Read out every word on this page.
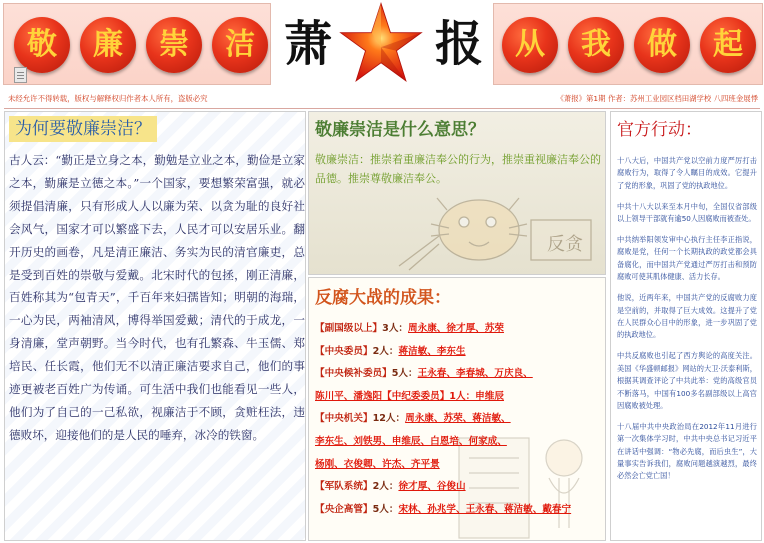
敬	廉	崇	洁 萧 报	从	我	做	起
未经允许不得转载，版权与解释权归作者本人所有，盗版必究	《萧报》第1期 作者：苏州工业园区档田湖学校 八四班金展悸
为何要敬廉崇洁？

古人云：“勤正是立身之本，勤勉是立业之本，勤俭是立家之本，勤廉是立德之本。”一个国家，要想繁荣富强，就必须提倡清廉，只有形成人人以廉为荣、以贪为耻的良好社会风气，国家才可以繁盛下去，人民才可以安居乐业。翻开历史的画卷，凡是清正廉洁、务实为民的清官廉吏，总是受到百姓的崇敬与爱戴。北宋时代的包拯，刚正清廉，百姓称其为“包青天”，千百年来妇孺皆知；明朝的海瑞，一心为民，两袖清风，博得举国爱戴；清代的于成龙，一身清廉，堂声朝野。当今时代，也有孔繁森、牛玉儒、郑培民、任长霞，他们无不以清正廉洁要求自己，他们的事迹更被老百姓广为传诵。可生活中我们也能看见一些人，他们为了自己的一己私欲，视廉洁于不顾，贪赃枉法，违德败坏，迎接他们的是人民的唾弃，冰冷的铁窗。

反贪
敬廉崇洁是什么意思？
敬廉崇洁：推崇着重廉洁奉公的行为，推崇重视廉洁奉公的品德。推崇尊敬廉洁奉公。
反腐大战的成果：
【副国级以上】3人：周永康、徐才厚、苏荣
【中央委员】2人：蒋洁敏、李东生
【中央候补委员】5人：王永春、李春城、万庆良、
陈川平、潘逸阳【中纪委委员】1人：申维辰
【中央机关】12人：周永康、苏荣、蒋洁敏、
李东生、刘铁男、申维辰、白恩培、何家成、
杨刚、衣俊卿、许杰、齐平景
【军队系统】2人：徐才厚、谷俊山
【央企高管】5人：宋林、孙兆学、王永春、蒋洁敏、戴春宁
官方行动：

十八大后，中国共产党以空前力度严厉打击腐败行为，取得了令人瞩目的成效。它提升了党的形象，巩固了党的执政地位。

中共十八大以来至本月中旬，全国仅省部级以上领导干部就有逾50人因腐败而被查处。

中共纳举阳领发审中心执行主任李正指说，腐败是党，任何一个长期执政的政党都会具备腐化，而中国共产党通过严厉打击和预防腐败可使其肌体健康、活力长存。

他说，近两年来，中国共产党的反腐败力度是空前的，并取得了巨大成效。这提升了党在人民群众心目中的形象，进一步巩固了党的执政地位。

中共反腐败也引起了西方舆论的高度关注。美国《华盛顿邮报》网站的大卫·沃泰利斯，根据其调查评论了中共此举：党的高级官员不断落马，中国有100多名副部级以上高官因腐败被处理。

十八届中共中央政治局在2012年11月进行第一次集体学习时，中共中央总书记习近平在讲话中强调：“物必先腐，而后虫生”，大量事实告诉我们，腐败问题越演越烈，最终必然会亡党亡国！
